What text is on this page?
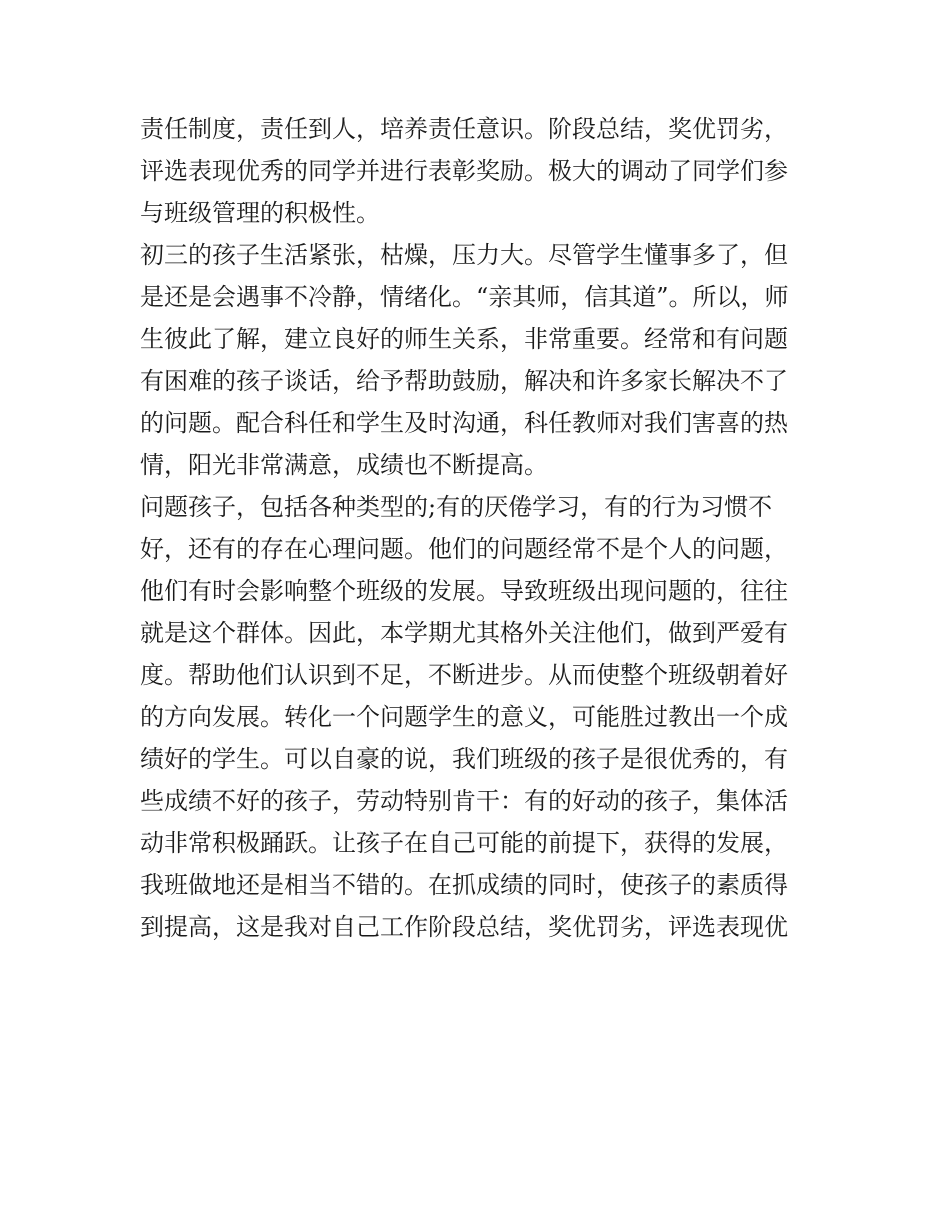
责任制度，责任到人，培养责任意识。阶段总结，奖优罚劣，
评选表现优秀的同学并进行表彰奖励。极大的调动了同学们参
与班级管理的积极性。
初三的孩子生活紧张，枯燥，压力大。尽管学生懂事多了，但
是还是会遇事不冷静，情绪化。“亲其师，信其道”。所以，师
生彼此了解，建立良好的师生关系，非常重要。经常和有问题
有困难的孩子谈话，给予帮助鼓励，解决和许多家长解决不了
的问题。配合科任和学生及时沟通，科任教师对我们害喜的热
情，阳光非常满意，成绩也不断提高。
问题孩子，包括各种类型的;有的厌倦学习，有的行为习惯不
好，还有的存在心理问题。他们的问题经常不是个人的问题，
他们有时会影响整个班级的发展。导致班级出现问题的，往往
就是这个群体。因此，本学期尤其格外关注他们，做到严爱有
度。帮助他们认识到不足，不断进步。从而使整个班级朝着好
的方向发展。转化一个问题学生的意义，可能胜过教出一个成
绩好的学生。可以自豪的说，我们班级的孩子是很优秀的，有
些成绩不好的孩子，劳动特别肯干：有的好动的孩子，集体活
动非常积极踊跃。让孩子在自己可能的前提下，获得的发展，
我班做地还是相当不错的。在抓成绩的同时，使孩子的素质得
到提高，这是我对自己工作阶段总结，奖优罚劣，评选表现优
